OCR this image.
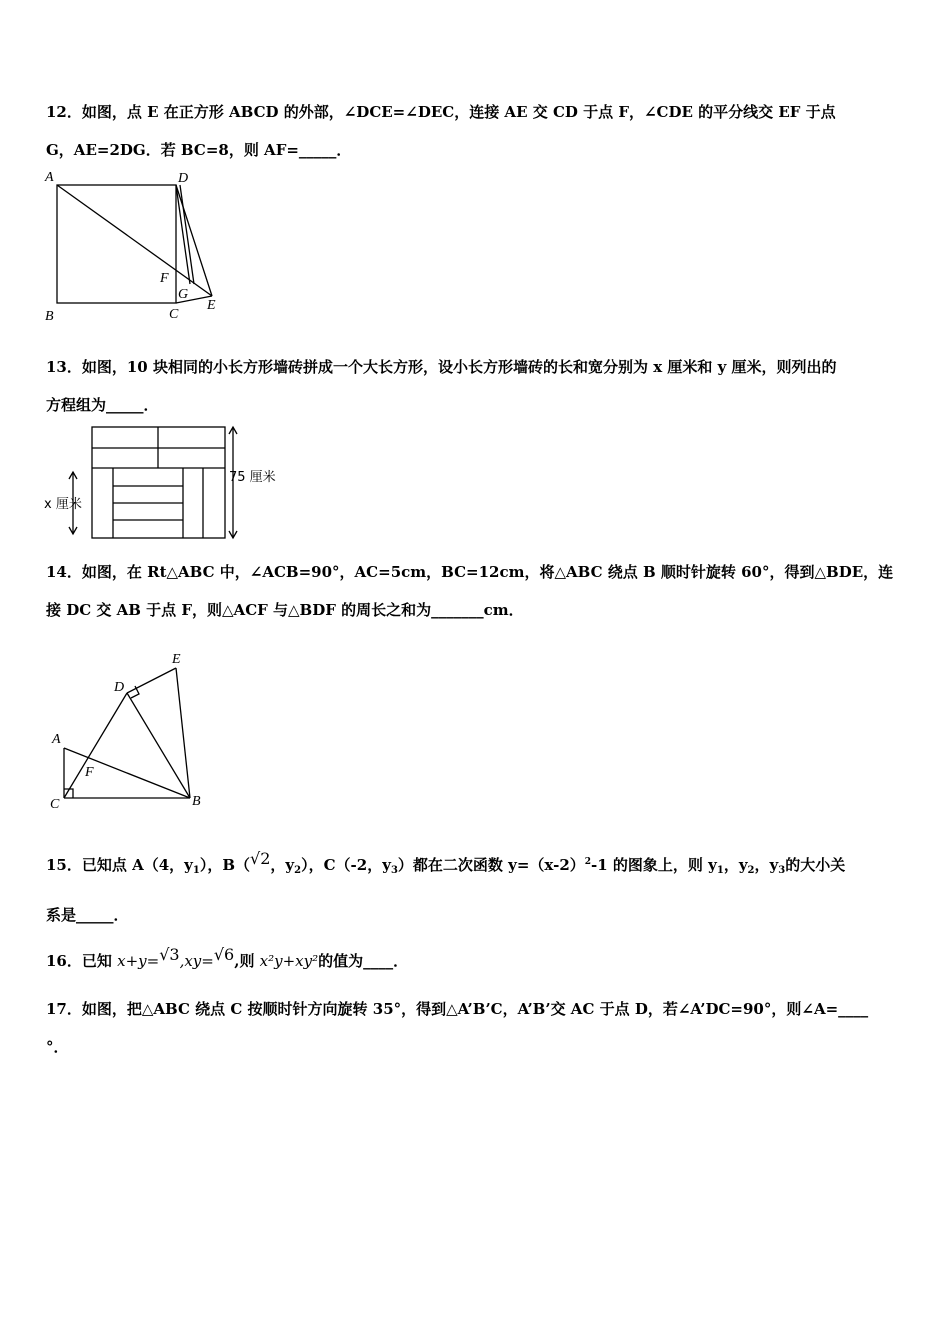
12．如图，点 E 在正方形 ABCD 的外部，∠DCE=∠DEC，连接 AE 交 CD 于点 F，∠CDE 的平分线交 EF 于点
G，AE=2DG．若 BC=8，则 AF=_____．
A	D
B	C
F
G
E
13．如图，10 块相同的小长方形墙砖拼成一个大长方形，设小长方形墙砖的长和宽分别为 x 厘米和 y 厘米，则列出的
方程组为_____．
75 厘米
x 厘米
14．如图，在 Rt△ABC 中，∠ACB=90°，AC=5cm，BC=12cm，将△ABC 绕点 B 顺时针旋转 60°，得到△BDE，连
接 DC 交 AB 于点 F，则△ACF 与△BDF 的周长之和为_______cm．
A
C	B
D
E
F
15．已知点 A（4，$y_1$），B（√2，$y_2$），C（-2，$y_3$）都在二次函数 $y=(x-2)^2-1$ 的图象上，则 $y_1$，$y_2$，$y_3$的大小关
系是_____．
16．已知 x+y=√3,xy=√6,则 x²y+xy²的值为____．
17．如图，把△ABC 绕点 C 按顺时针方向旋转 35°，得到△A’B’C，A’B’交 AC 于点 D，若∠A’DC=90°，则∠A=____
°．
